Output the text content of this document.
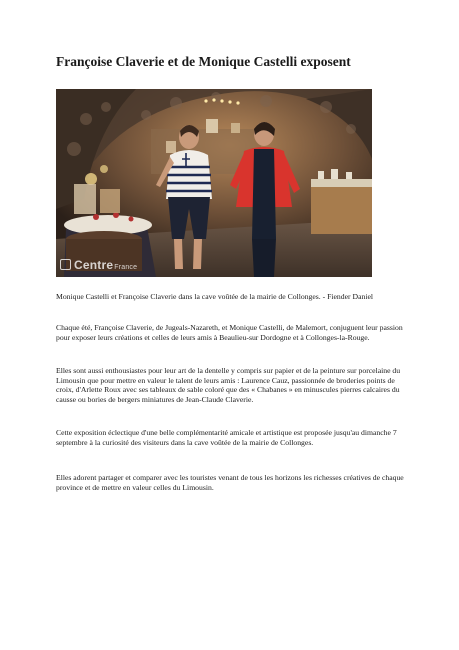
Françoise Claverie et de Monique Castelli exposent
CentreFrance

Monique Castelli et Françoise Claverie dans la cave voûtée de la mairie de Collonges. - Fiender Daniel

Chaque été, Françoise Claverie, de Jugeals-Nazareth, et Monique Castelli, de Malemort, conjuguent leur passion pour exposer leurs créations et celles de leurs amis à Beaulieu-sur Dordogne et à Collonges-la-Rouge.

Elles sont aussi enthousiastes pour leur art de la dentelle y compris sur papier et de la peinture sur porcelaine du Limousin que pour mettre en valeur le talent de leurs amis : Laurence Cauz, passionnée de broderies points de croix, d'Arlette Roux avec ses tableaux de sable coloré que des « Chabanes » en minuscules pierres calcaires du causse ou bories de bergers miniatures de Jean-Claude Claverie.

Cette exposition éclectique d'une belle complémentarité amicale et artistique est proposée jusqu'au dimanche 7 septembre à la curiosité des visiteurs dans la cave voûtée de la mairie de Collonges.

Elles adorent partager et comparer avec les touristes venant de tous les horizons les richesses créatives de chaque province et de mettre en valeur celles du Limousin.
